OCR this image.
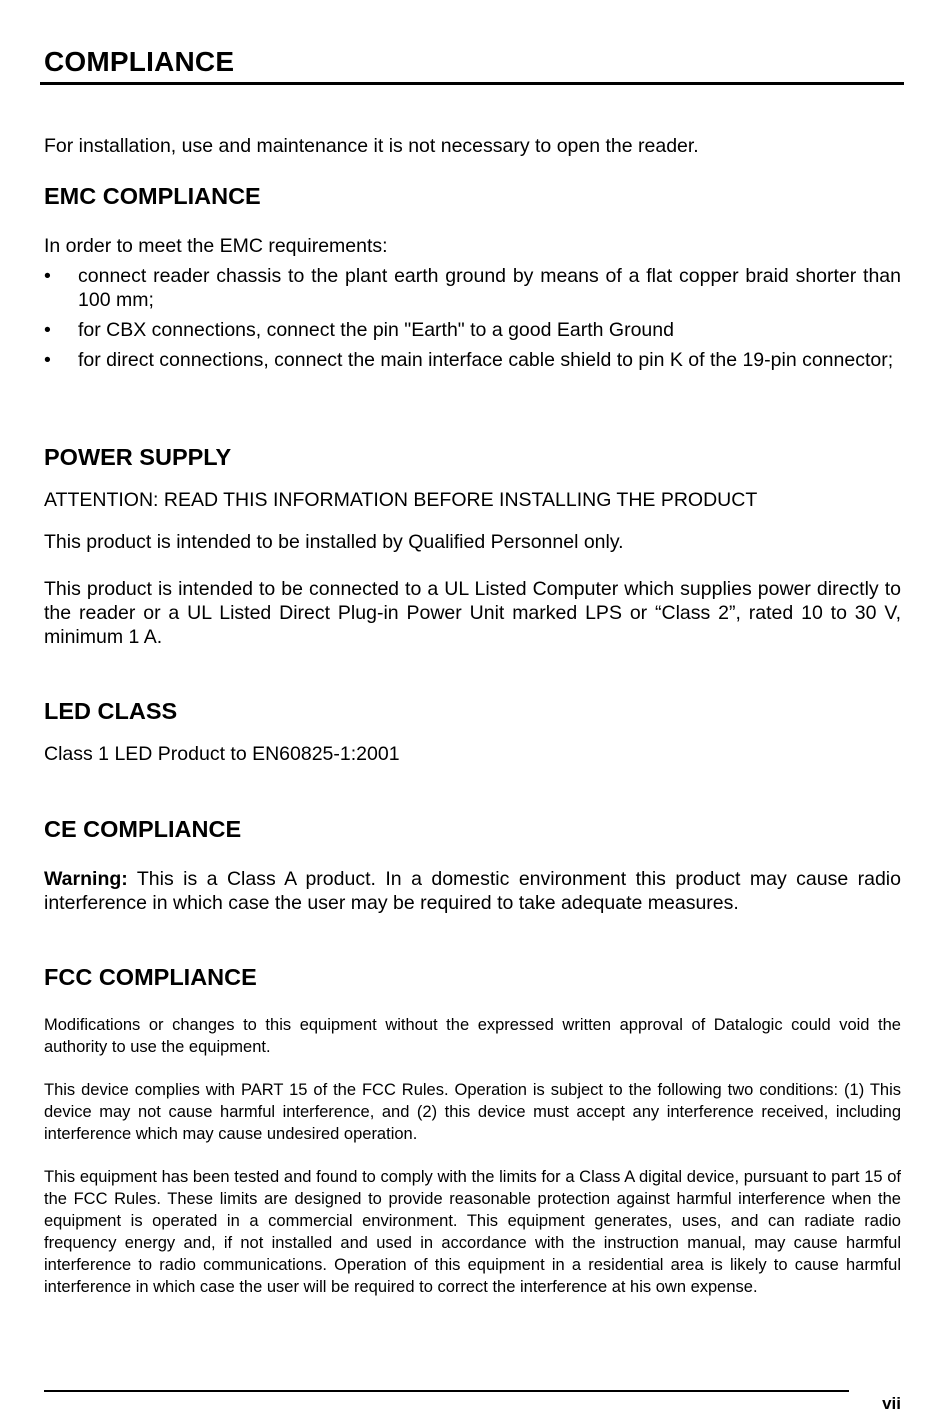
COMPLIANCE

For installation, use and maintenance it is not necessary to open the reader.

EMC COMPLIANCE

In order to meet the EMC requirements:

• connect reader chassis to the plant earth ground by means of a flat copper braid shorter than 100 mm;
• for CBX connections, connect the pin "Earth" to a good Earth Ground
• for direct connections, connect the main interface cable shield to pin K of the 19-pin connector;
POWER SUPPLY

ATTENTION: READ THIS INFORMATION BEFORE INSTALLING THE PRODUCT

This product is intended to be installed by Qualified Personnel only.

This product is intended to be connected to a UL Listed Computer which supplies power directly to the reader or a UL Listed Direct Plug-in Power Unit marked LPS or “Class 2”, rated 10 to 30 V, minimum 1 A.

LED CLASS

Class 1 LED Product to EN60825-1:2001

CE COMPLIANCE

Warning: This is a Class A product. In a domestic environment this product may cause radio interference in which case the user may be required to take adequate measures.

FCC COMPLIANCE

Modifications or changes to this equipment without the expressed written approval of Datalogic could void the authority to use the equipment.

This device complies with PART 15 of the FCC Rules. Operation is subject to the following two conditions: (1) This device may not cause harmful interference, and (2) this device must accept any interference received, including interference which may cause undesired operation.

This equipment has been tested and found to comply with the limits for a Class A digital device, pursuant to part 15 of the FCC Rules. These limits are designed to provide reasonable protection against harmful interference when the equipment is operated in a commercial environment. This equipment generates, uses, and can radiate radio frequency energy and, if not installed and used in accordance with the instruction manual, may cause harmful interference to radio communications. Operation of this equipment in a residential area is likely to cause harmful interference in which case the user will be required to correct the interference at his own expense.

vii
